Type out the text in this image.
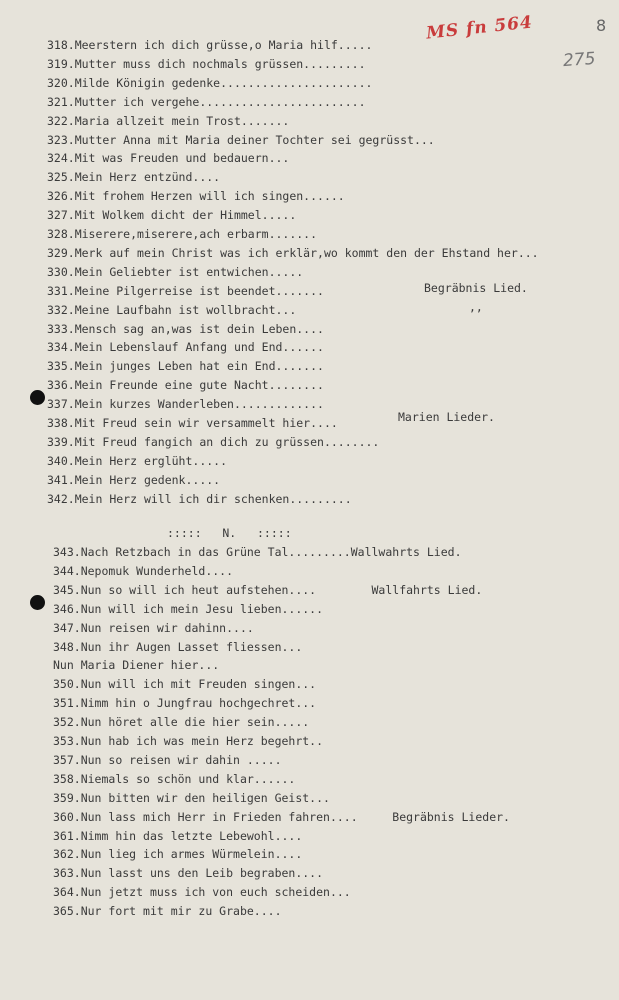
MS fn 564	8
275
318.Meerstern ich dich grüsse,o Maria hilf.....
319.Mutter muss dich nochmals grüssen.........
320.Milde Königin gedenke......................
321.Mutter ich vergehe........................
322.Maria allzeit mein Trost.......
323.Mutter Anna mit Maria deiner Tochter sei gegrüsst...
324.Mit was Freuden und bedauern...
325.Mein Herz entzünd....
326.Mit frohem Herzen will ich singen......
327.Mit Wolkem dicht der Himmel.....
328.Miserere,miserere,ach erbarm.......
329.Merk auf mein Christ was ich erklär,wo kommt den der Ehstand her...
330.Mein Geliebter ist entwichen.....
331.Meine Pilgerreise ist beendet.......
332.Meine Laufbahn ist wollbracht...
333.Mensch sag an,was ist dein Leben....
334.Mein Lebenslauf Anfang und End......
335.Mein junges Leben hat ein End.......
336.Mein Freunde eine gute Nacht........
337.Mein kurzes Wanderleben.............
338.Mit Freud sein wir versammelt hier....
339.Mit Freud fangich an dich zu grüssen........
340.Mein Herz erglüht.....
341.Mein Herz gedenk.....
342.Mein Herz will ich dir schenken.........
Begräbnis Lied.
,,
Marien Lieder.
:::::   N.   :::::
343.Nach Retzbach in das Grüne Tal.........Wallwahrts Lied.
344.Nepomuk Wunderheld....
345.Nun so will ich heut aufstehen....        Wallfahrts Lied.
346.Nun will ich mein Jesu lieben......
347.Nun reisen wir dahinn....
348.Nun ihr Augen Lasset fliessen...
Nun Maria Diener hier...
350.Nun will ich mit Freuden singen...
351.Nimm hin o Jungfrau hochgechret...
352.Nun höret alle die hier sein.....
353.Nun hab ich was mein Herz begehrt..
357.Nun so reisen wir dahin .....
358.Niemals so schön und klar......
359.Nun bitten wir den heiligen Geist...
360.Nun lass mich Herr in Frieden fahren....     Begräbnis Lieder.
361.Nimm hin das letzte Lebewohl....
362.Nun lieg ich armes Würmelein....
363.Nun lasst uns den Leib begraben....
364.Nun jetzt muss ich von euch scheiden...
365.Nur fort mit mir zu Grabe....
